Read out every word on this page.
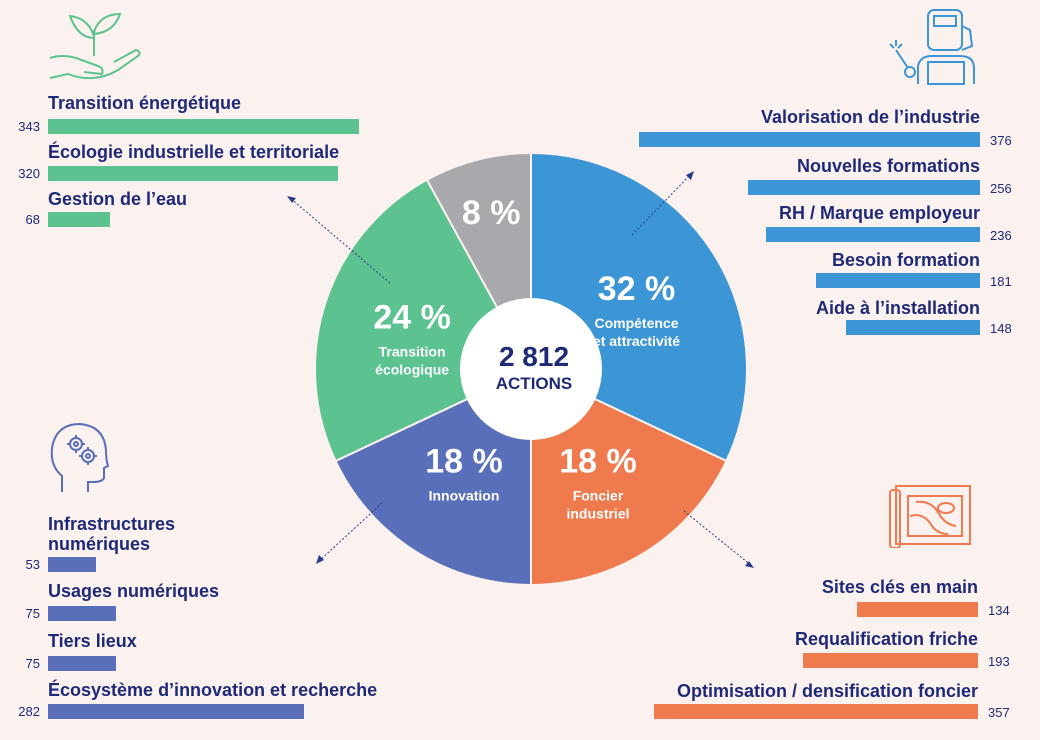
2 812
ACTIONS
32 %
Compétence
et attractivité
18 %
Foncier
industriel
18 %
Innovation
24 %
Transition
écologique
8 %
Transition énergétique
343
Écologie industrielle et territoriale
320
Gestion de l’eau
68
Valorisation de l’industrie
376
Nouvelles formations
256
RH / Marque employeur
236
Besoin formation
181
Aide à l’installation
148
Infrastructures numériques
53
Usages numériques
75
Tiers lieux
75
Écosystème d’innovation et recherche
282
Sites clés en main
134
Requalification friche
193
Optimisation / densification foncier
357
